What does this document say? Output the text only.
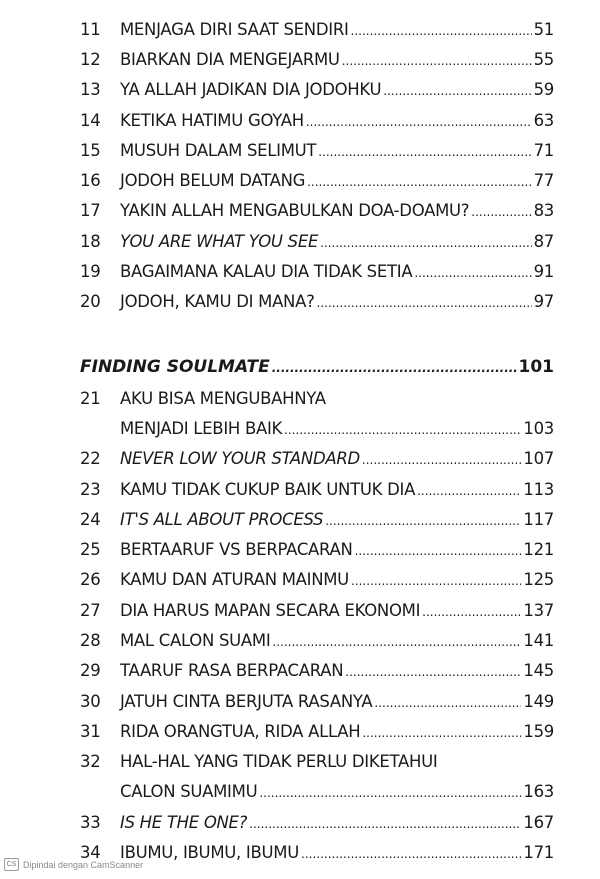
11	MENJAGA DIRI SAAT SENDIRI .....	51
12	BIARKAN DIA MENGEJARMU .....	55
13	YA ALLAH JADIKAN DIA JODOHKU .....	59
14	KETIKA HATIMU GOYAH .....	63
15	MUSUH DALAM SELIMUT .....	71
16	JODOH BELUM DATANG .....	77
17	YAKIN ALLAH MENGABULKAN DOA-DOAMU? .....	83
18	YOU ARE WHAT YOU SEE .....	87
19	BAGAIMANA KALAU DIA TIDAK SETIA .....	91
20	JODOH, KAMU DI MANA? .....	97
FINDING SOULMATE .....	101
21	AKU BISA MENGUBAHNYA
MENJADI LEBIH BAIK .....	103
22	NEVER LOW YOUR STANDARD .....	107
23	KAMU TIDAK CUKUP BAIK UNTUK DIA .....	113
24	IT'S ALL ABOUT PROCESS .....	117
25	BERTAARUF VS BERPACARAN .....	121
26	KAMU DAN ATURAN MAINMU .....	125
27	DIA HARUS MAPAN SECARA EKONOMI .....	137
28	MAL CALON SUAMI .....	141
29	TAARUF RASA BERPACARAN .....	145
30	JATUH CINTA BERJUTA RASANYA .....	149
31	RIDA ORANGTUA, RIDA ALLAH .....	159
32	HAL-HAL YANG TIDAK PERLU DIKETAHUI
CALON SUAMIMU .....	163
33	IS HE THE ONE? .....	167
34	IBUMU, IBUMU, IBUMU .....	171
CS Dipindai dengan CamScanner
